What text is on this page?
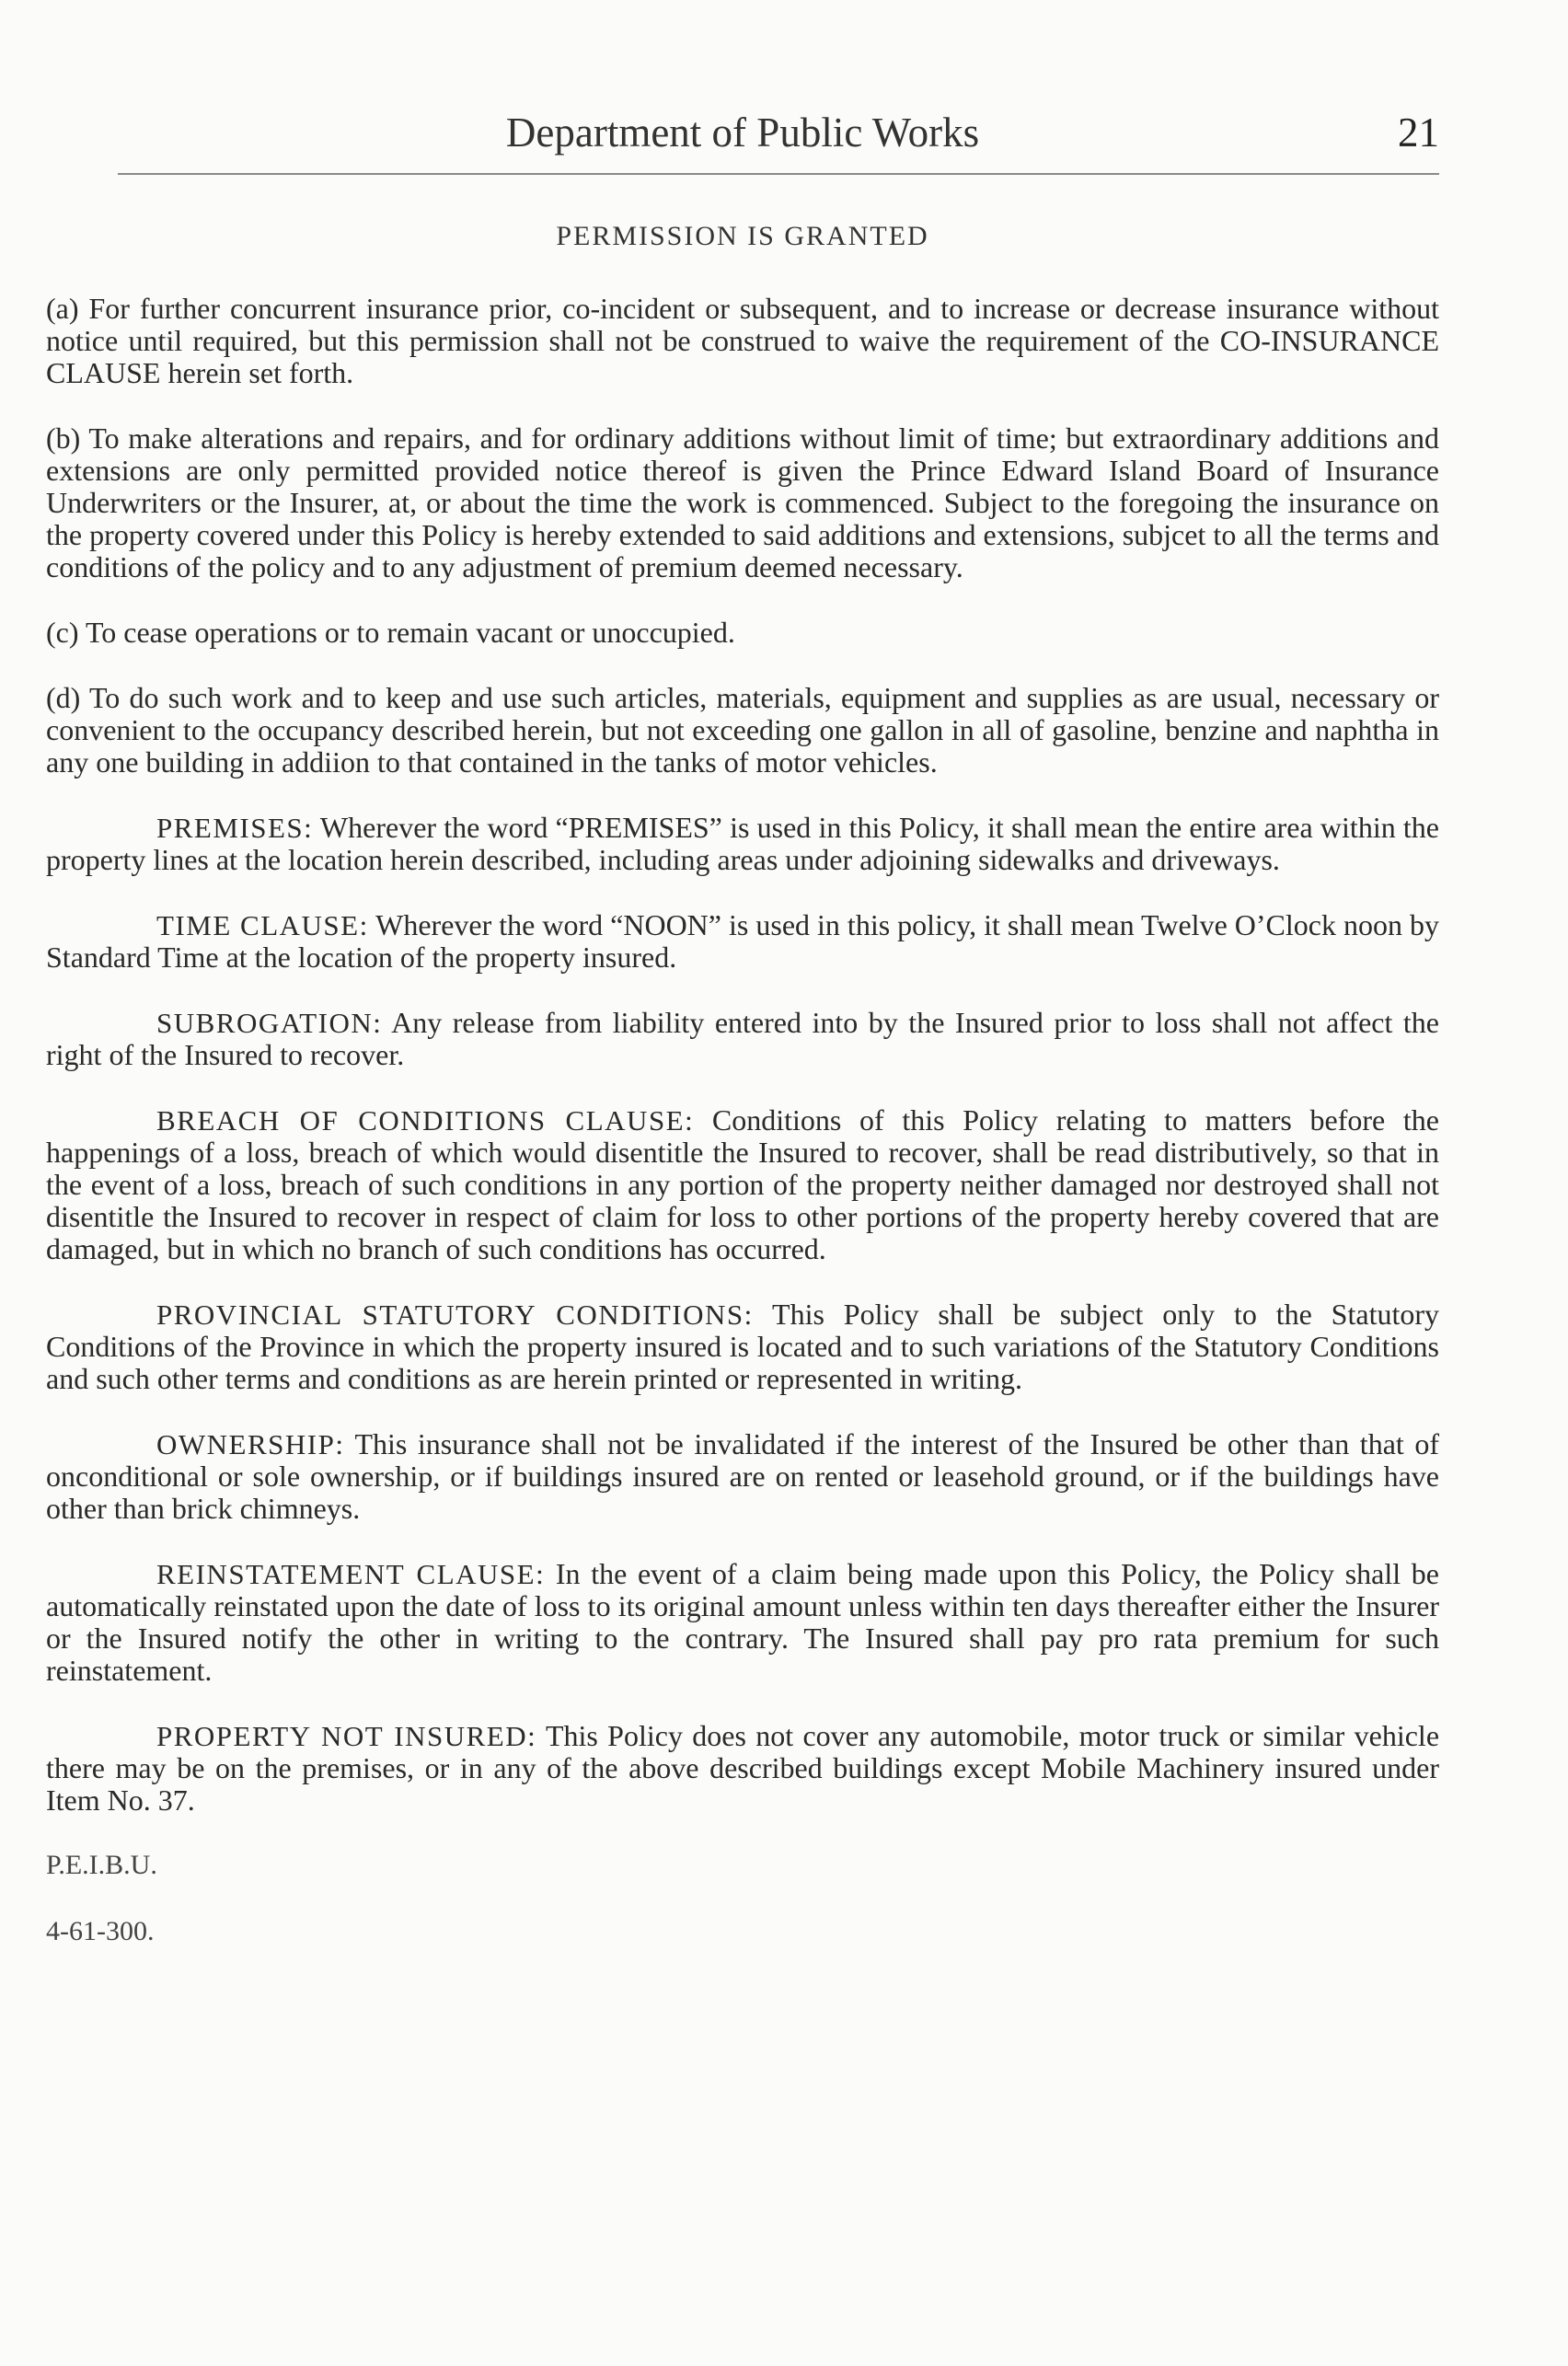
Department of Public Works	21
PERMISSION IS GRANTED

(a) For further concurrent insurance prior, co-incident or subsequent, and to increase or decrease insurance without notice until required, but this permission shall not be construed to waive the requirement of the CO-INSURANCE CLAUSE herein set forth.

(b) To make alterations and repairs, and for ordinary additions without limit of time; but extraordinary additions and extensions are only permitted provided notice thereof is given the Prince Edward Island Board of Insurance Underwriters or the Insurer, at, or about the time the work is commenced. Subject to the foregoing the insurance on the property covered under this Policy is hereby extended to said additions and extensions, subjcet to all the terms and conditions of the policy and to any adjustment of premium deemed necessary.

(c) To cease operations or to remain vacant or unoccupied.

(d) To do such work and to keep and use such articles, materials, equipment and supplies as are usual, necessary or convenient to the occupancy described herein, but not exceeding one gallon in all of gasoline, benzine and naphtha in any one building in addiion to that contained in the tanks of motor vehicles.

PREMISES: Wherever the word “PREMISES” is used in this Policy, it shall mean the entire area within the property lines at the location herein described, including areas under adjoining sidewalks and driveways.

TIME CLAUSE: Wherever the word “NOON” is used in this policy, it shall mean Twelve O’Clock noon by Standard Time at the location of the property insured.

SUBROGATION: Any release from liability entered into by the Insured prior to loss shall not affect the right of the Insured to recover.

BREACH OF CONDITIONS CLAUSE: Conditions of this Policy relating to matters before the happenings of a loss, breach of which would disentitle the Insured to recover, shall be read distributively, so that in the event of a loss, breach of such conditions in any portion of the property neither damaged nor destroyed shall not disentitle the Insured to recover in respect of claim for loss to other portions of the property hereby covered that are damaged, but in which no branch of such conditions has occurred.

PROVINCIAL STATUTORY CONDITIONS: This Policy shall be subject only to the Statutory Conditions of the Province in which the property insured is located and to such variations of the Statutory Conditions and such other terms and conditions as are herein printed or represented in writing.

OWNERSHIP: This insurance shall not be invalidated if the interest of the Insured be other than that of onconditional or sole ownership, or if buildings insured are on rented or leasehold ground, or if the buildings have other than brick chimneys.

REINSTATEMENT CLAUSE: In the event of a claim being made upon this Policy, the Policy shall be automatically reinstated upon the date of loss to its original amount unless within ten days thereafter either the Insurer or the Insured notify the other in writing to the contrary. The Insured shall pay pro rata premium for such reinstatement.

PROPERTY NOT INSURED: This Policy does not cover any automobile, motor truck or similar vehicle there may be on the premises, or in any of the above described buildings except Mobile Machinery insured under Item No. 37.

P.E.I.B.U.
4-61-300.
